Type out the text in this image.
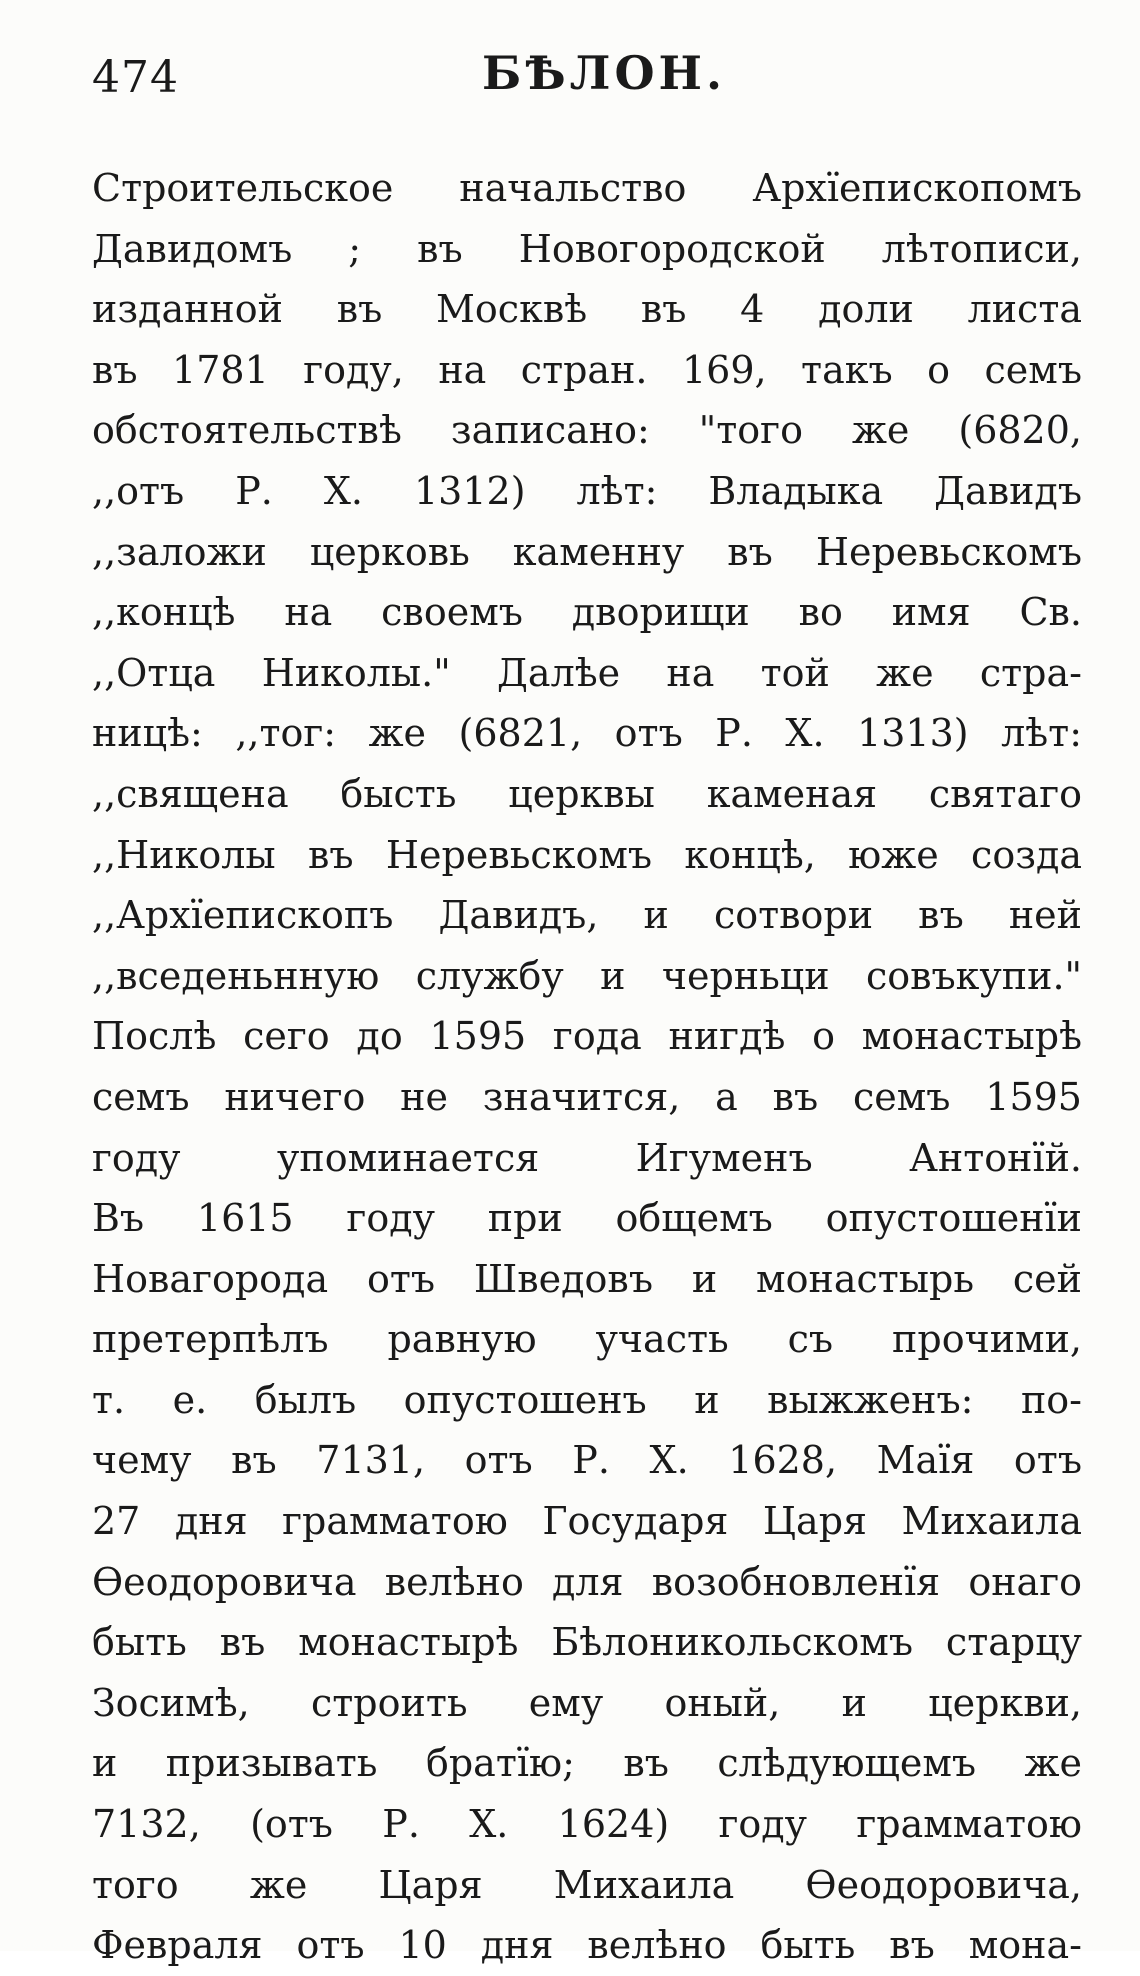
474	БѢЛОН.
Строительское начальство Архїепископомъ
Давидомъ ; въ Новогородской лѣтописи,
изданной въ Москвѣ въ 4 доли листа
въ 1781 году, на стран. 169, такъ о семъ
обстоятельствѣ записано: "того же (6820,
,,отъ Р. Х. 1312) лѣт: Владыка Давидъ
,,заложи церковь каменну въ Неревьскомъ
,,концѣ на своемъ дворищи во имя Св.
,,Отца Николы." Далѣе на той же стра-
ницѣ: ,,тог: же (6821, отъ Р. Х. 1313) лѣт:
,,священа бысть церквы каменая святаго
,,Николы въ Неревьскомъ концѣ, юже созда
,,Архїепископъ Давидъ, и сотвори въ ней
,,вседеньнную службу и черньци совъкупи."
Послѣ сего до 1595 года нигдѣ о монастырѣ
семъ ничего не значится, а въ семъ 1595
году упоминается Игуменъ Антонїй.
Въ 1615 году при общемъ опустошенїи
Новагорода отъ Шведовъ и монастырь сей
претерпѣлъ равную участь съ прочими,
т. е. былъ опустошенъ и выжженъ: по-
чему въ 7131, отъ Р. Х. 1628, Маїя отъ
27 дня грамматою Государя Царя Михаила
Ѳеодоровича велѣно для возобновленїя онаго
быть въ монастырѣ Бѣлоникольскомъ старцу
Зосимѣ, строить ему оный, и церкви,
и призывать братїю; въ слѣдующемъ же
7132, (отъ Р. Х. 1624) году грамматою
того же Царя Михаила Ѳеодоровича,
Февраля отъ 10 дня велѣно быть въ мона-
